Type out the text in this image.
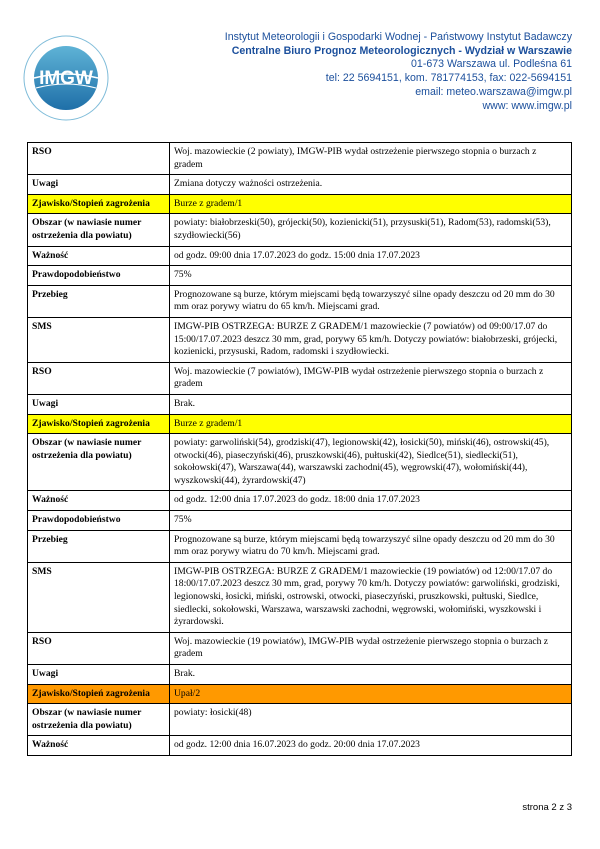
IMGW
Instytut Meteorologii i Gospodarki Wodnej - Państwowy Instytut Badawczy
Centralne Biuro Prognoz Meteorologicznych - Wydział w Warszawie
01-673 Warszawa ul. Podleśna 61
tel: 22 5694151, kom. 781774153, fax: 022-5694151
email: meteo.warszawa@imgw.pl
www: www.imgw.pl
RSO	Woj. mazowieckie (2 powiaty), IMGW-PIB wydał ostrzeżenie pierwszego stopnia o burzach z gradem
Uwagi	Zmiana dotyczy ważności ostrzeżenia.
Zjawisko/Stopień zagrożenia	Burze z gradem/1
Obszar (w nawiasie numer ostrzeżenia dla powiatu)	powiaty: białobrzeski(50), grójecki(50), kozienicki(51), przysuski(51), Radom(53), radomski(53), szydłowiecki(56)
Ważność	od godz. 09:00 dnia 17.07.2023 do godz. 15:00 dnia 17.07.2023
Prawdopodobieństwo	75%
Przebieg	Prognozowane są burze, którym miejscami będą towarzyszyć silne opady deszczu od 20 mm do 30 mm oraz porywy wiatru do 65 km/h. Miejscami grad.
SMS	IMGW-PIB OSTRZEGA: BURZE Z GRADEM/1 mazowieckie (7 powiatów) od 09:00/17.07 do 15:00/17.07.2023 deszcz 30 mm, grad, porywy 65 km/h. Dotyczy powiatów: białobrzeski, grójecki, kozienicki, przysuski, Radom, radomski i szydłowiecki.
RSO	Woj. mazowieckie (7 powiatów), IMGW-PIB wydał ostrzeżenie pierwszego stopnia o burzach z gradem
Uwagi	Brak.
Zjawisko/Stopień zagrożenia	Burze z gradem/1
Obszar (w nawiasie numer ostrzeżenia dla powiatu)	powiaty: garwoliński(54), grodziski(47), legionowski(42), łosicki(50), miński(46), ostrowski(45), otwocki(46), piaseczyński(46), pruszkowski(46), pułtuski(42), Siedlce(51), siedlecki(51), sokołowski(47), Warszawa(44), warszawski zachodni(45), węgrowski(47), wołomiński(44), wyszkowski(44), żyrardowski(47)
Ważność	od godz. 12:00 dnia 17.07.2023 do godz. 18:00 dnia 17.07.2023
Prawdopodobieństwo	75%
Przebieg	Prognozowane są burze, którym miejscami będą towarzyszyć silne opady deszczu od 20 mm do 30 mm oraz porywy wiatru do 70 km/h. Miejscami grad.
SMS	IMGW-PIB OSTRZEGA: BURZE Z GRADEM/1 mazowieckie (19 powiatów) od 12:00/17.07 do 18:00/17.07.2023 deszcz 30 mm, grad, porywy 70 km/h. Dotyczy powiatów: garwoliński, grodziski, legionowski, łosicki, miński, ostrowski, otwocki, piaseczyński, pruszkowski, pułtuski, Siedlce, siedlecki, sokołowski, Warszawa, warszawski zachodni, węgrowski, wołomiński, wyszkowski i żyrardowski.
RSO	Woj. mazowieckie (19 powiatów), IMGW-PIB wydał ostrzeżenie pierwszego stopnia o burzach z gradem
Uwagi	Brak.
Zjawisko/Stopień zagrożenia	Upał/2
Obszar (w nawiasie numer ostrzeżenia dla powiatu)	powiaty: łosicki(48)
Ważność	od godz. 12:00 dnia 16.07.2023 do godz. 20:00 dnia 17.07.2023
strona 2 z 3
